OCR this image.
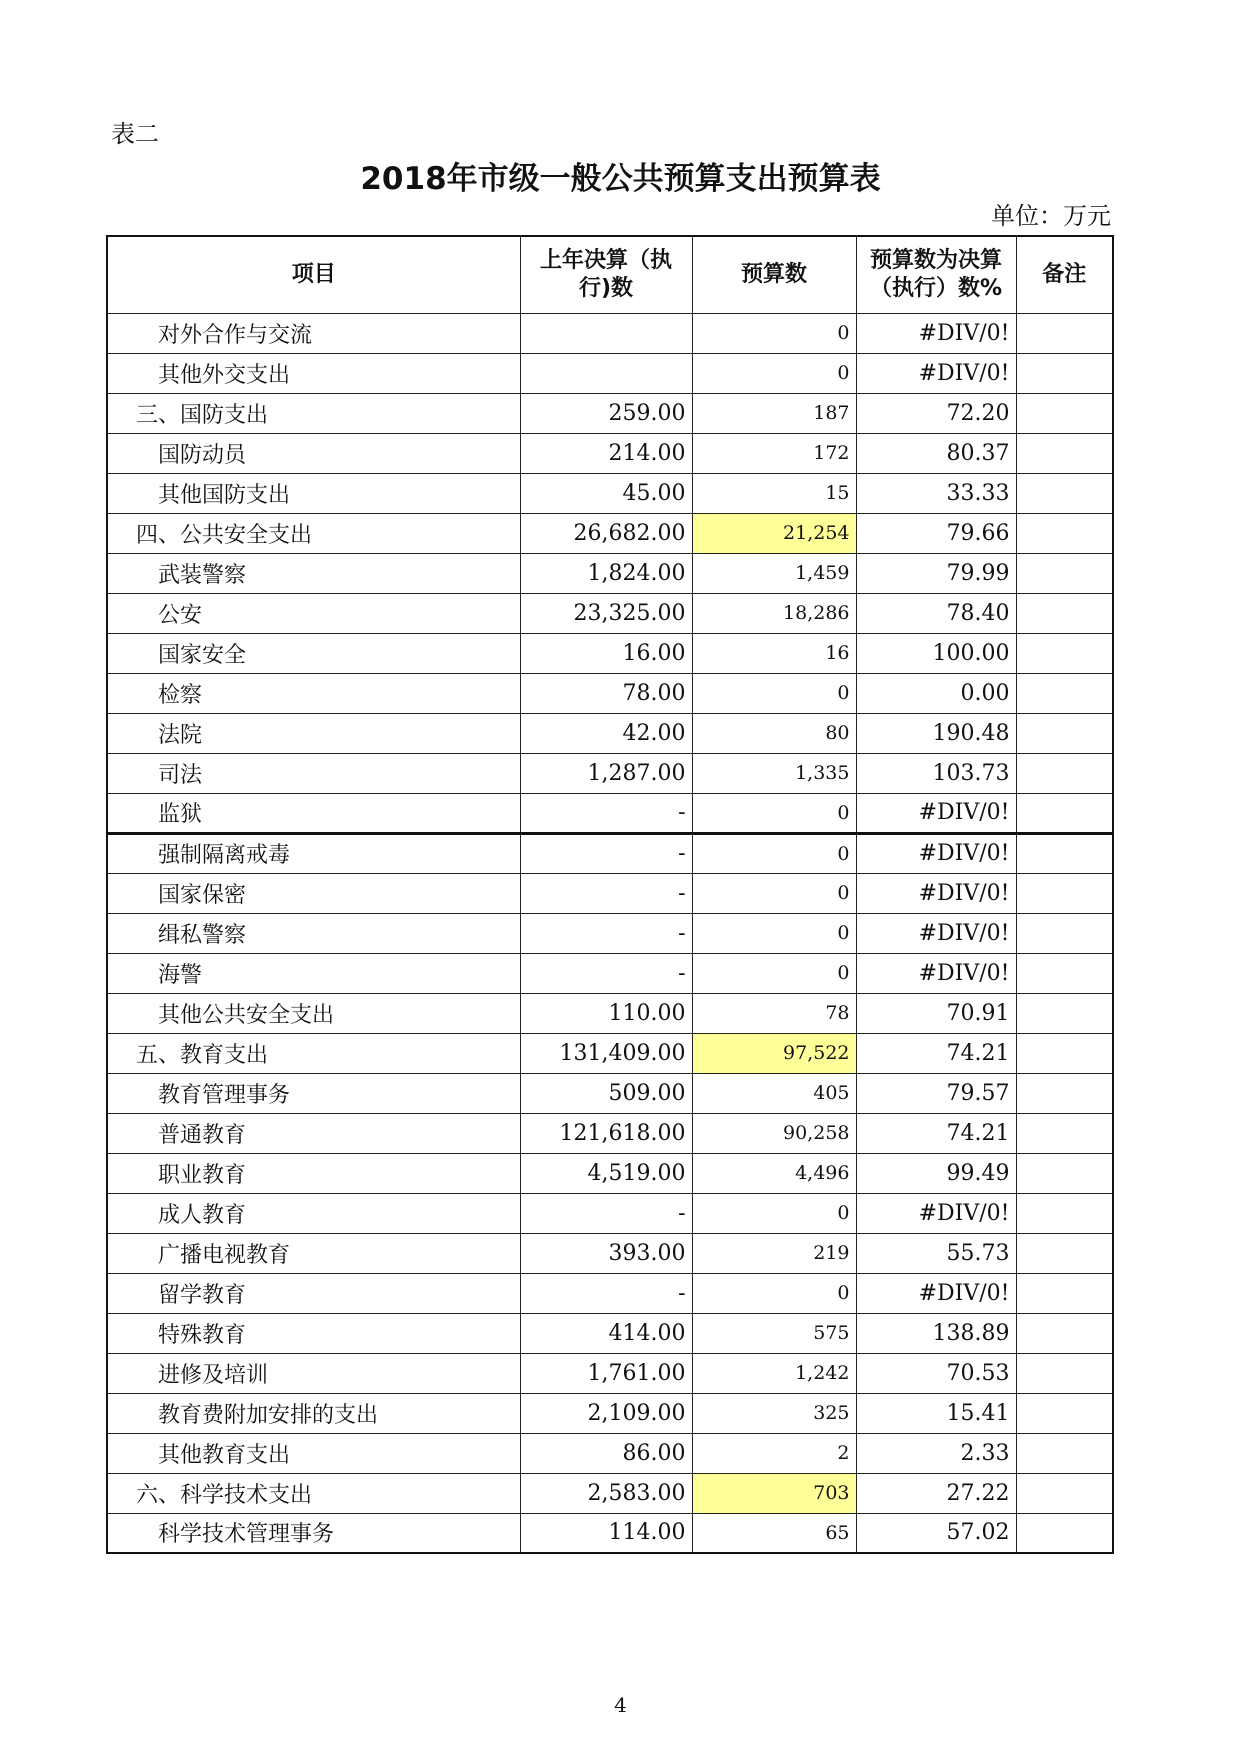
表二
2018年市级一般公共预算支出预算表
单位：万元
项目	上年决算（执行)数	预算数	预算数为决算（执行）数%	备注
对外合作与交流		0	#DIV/0!	
其他外交支出		0	#DIV/0!	
三、国防支出	259.00	187	72.20	
国防动员	214.00	172	80.37	
其他国防支出	45.00	15	33.33	
四、公共安全支出	26,682.00	21,254	79.66	
武装警察	1,824.00	1,459	79.99	
公安	23,325.00	18,286	78.40	
国家安全	16.00	16	100.00	
检察	78.00	0	0.00	
法院	42.00	80	190.48	
司法	1,287.00	1,335	103.73	
监狱	-	0	#DIV/0!	
强制隔离戒毒	-	0	#DIV/0!	
国家保密	-	0	#DIV/0!	
缉私警察	-	0	#DIV/0!	
海警	-	0	#DIV/0!	
其他公共安全支出	110.00	78	70.91	
五、教育支出	131,409.00	97,522	74.21	
教育管理事务	509.00	405	79.57	
普通教育	121,618.00	90,258	74.21	
职业教育	4,519.00	4,496	99.49	
成人教育	-	0	#DIV/0!	
广播电视教育	393.00	219	55.73	
留学教育	-	0	#DIV/0!	
特殊教育	414.00	575	138.89	
进修及培训	1,761.00	1,242	70.53	
教育费附加安排的支出	2,109.00	325	15.41	
其他教育支出	86.00	2	2.33	
六、科学技术支出	2,583.00	703	27.22	
科学技术管理事务	114.00	65	57.02	
4
